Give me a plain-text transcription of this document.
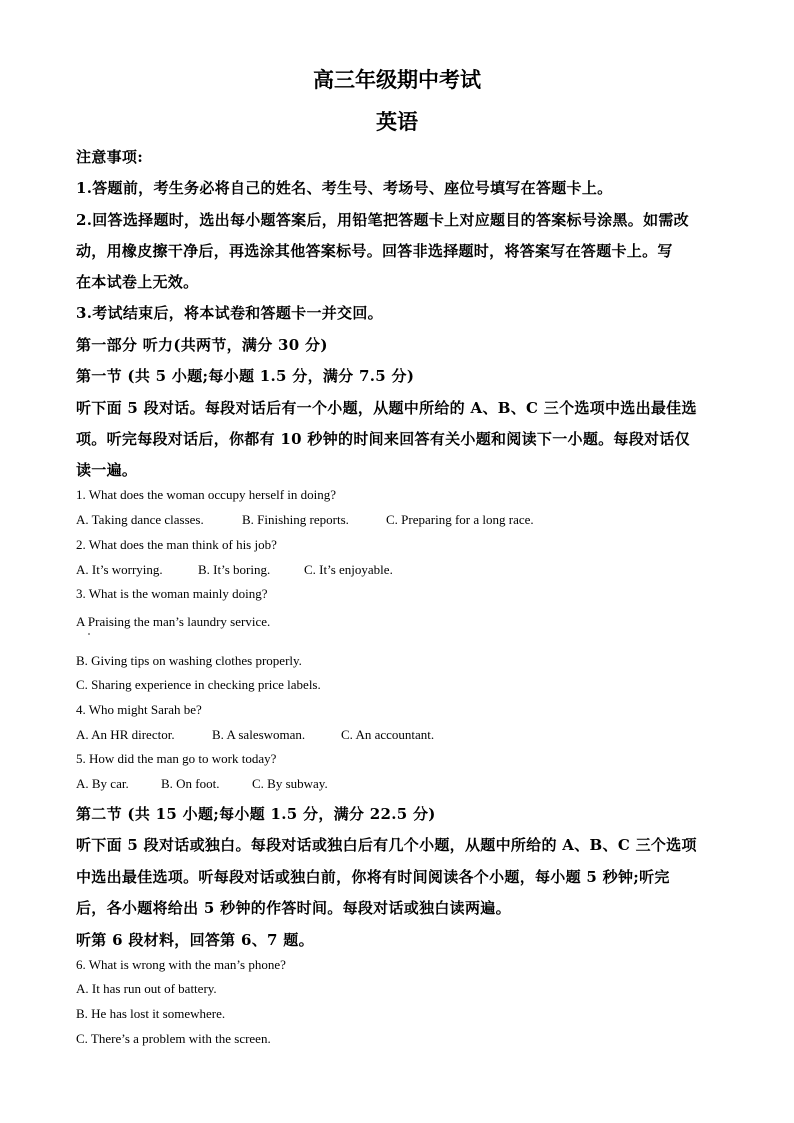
高三年级期中考试
英语
注意事项:
1.答题前，考生务必将自己的姓名、考生号、考场号、座位号填写在答题卡上。
2.回答选择题时，选出每小题答案后，用铅笔把答题卡上对应题目的答案标号涂黑。如需改
动，用橡皮擦干净后，再选涂其他答案标号。回答非选择题时，将答案写在答题卡上。写
在本试卷上无效。
3.考试结束后，将本试卷和答题卡一并交回。
第一部分 听力(共两节，满分 30 分)
第一节 (共 5 小题;每小题 1.5 分，满分 7.5 分)
听下面 5 段对话。每段对话后有一个小题，从题中所给的 A、B、C 三个选项中选出最佳选
项。听完每段对话后，你都有 10 秒钟的时间来回答有关小题和阅读下一小题。每段对话仅
读一遍。
1. What does the woman occupy herself in doing?
A. Taking dance classes.	B. Finishing reports.	C. Preparing for a long race.
2. What does the man think of his job?
A. It’s worrying.	B. It’s boring.	C. It’s enjoyable.
3. What is the woman mainly doing?
A Praising the man’s laundry service.
B. Giving tips on washing clothes properly.
C. Sharing experience in checking price labels.
4. Who might Sarah be?
A. An HR director.	B. A saleswoman.	C. An accountant.
5. How did the man go to work today?
A. By car. B. On foot.	C. By subway.
第二节 (共 15 小题;每小题 1.5 分，满分 22.5 分)
听下面 5 段对话或独白。每段对话或独白后有几个小题，从题中所给的 A、B、C 三个选项
中选出最佳选项。听每段对话或独白前，你将有时间阅读各个小题，每小题 5 秒钟;听完
后，各小题将给出 5 秒钟的作答时间。每段对话或独白读两遍。
听第 6 段材料，回答第 6、7 题。
6. What is wrong with the man’s phone?
A. It has run out of battery.
B. He has lost it somewhere.
C. There’s a problem with the screen.
